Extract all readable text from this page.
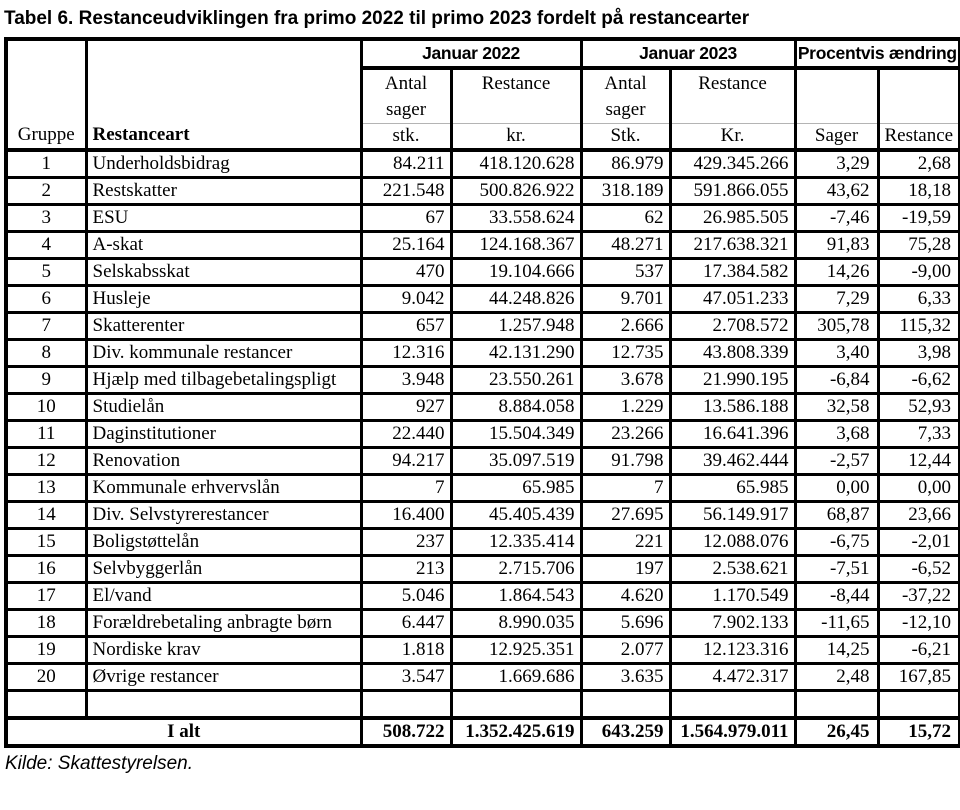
Tabel 6. Restanceudviklingen fra primo 2022 til primo 2023 fordelt på restancearter
Gruppe	Restanceart	Januar 2022		Januar 2023		Procentvis ændring	
		Antal sager	Restance	Antal sager	Restance		
		stk.	kr.	Stk.	Kr.	Sager	Restance
1	Underholdsbidrag	84.211	418.120.628	86.979	429.345.266	3,29	2,68
2	Restskatter	221.548	500.826.922	318.189	591.866.055	43,62	18,18
3	ESU	67	33.558.624	62	26.985.505	-7,46	-19,59
4	A-skat	25.164	124.168.367	48.271	217.638.321	91,83	75,28
5	Selskabsskat	470	19.104.666	537	17.384.582	14,26	-9,00
6	Husleje	9.042	44.248.826	9.701	47.051.233	7,29	6,33
7	Skatterenter	657	1.257.948	2.666	2.708.572	305,78	115,32
8	Div. kommunale restancer	12.316	42.131.290	12.735	43.808.339	3,40	3,98
9	Hjælp med tilbagebetalingspligt	3.948	23.550.261	3.678	21.990.195	-6,84	-6,62
10	Studielån	927	8.884.058	1.229	13.586.188	32,58	52,93
11	Daginstitutioner	22.440	15.504.349	23.266	16.641.396	3,68	7,33
12	Renovation	94.217	35.097.519	91.798	39.462.444	-2,57	12,44
13	Kommunale erhvervslån	7	65.985	7	65.985	0,00	0,00
14	Div. Selvstyrerestancer	16.400	45.405.439	27.695	56.149.917	68,87	23,66
15	Boligstøttelån	237	12.335.414	221	12.088.076	-6,75	-2,01
16	Selvbyggerlån	213	2.715.706	197	2.538.621	-7,51	-6,52
17	El/vand	5.046	1.864.543	4.620	1.170.549	-8,44	-37,22
18	Forældrebetaling anbragte børn	6.447	8.990.035	5.696	7.902.133	-11,65	-12,10
19	Nordiske krav	1.818	12.925.351	2.077	12.123.316	14,25	-6,21
20	Øvrige restancer	3.547	1.669.686	3.635	4.472.317	2,48	167,85

I alt		508.722	1.352.425.619	643.259	1.564.979.011	26,45	15,72
Kilde: Skattestyrelsen.
